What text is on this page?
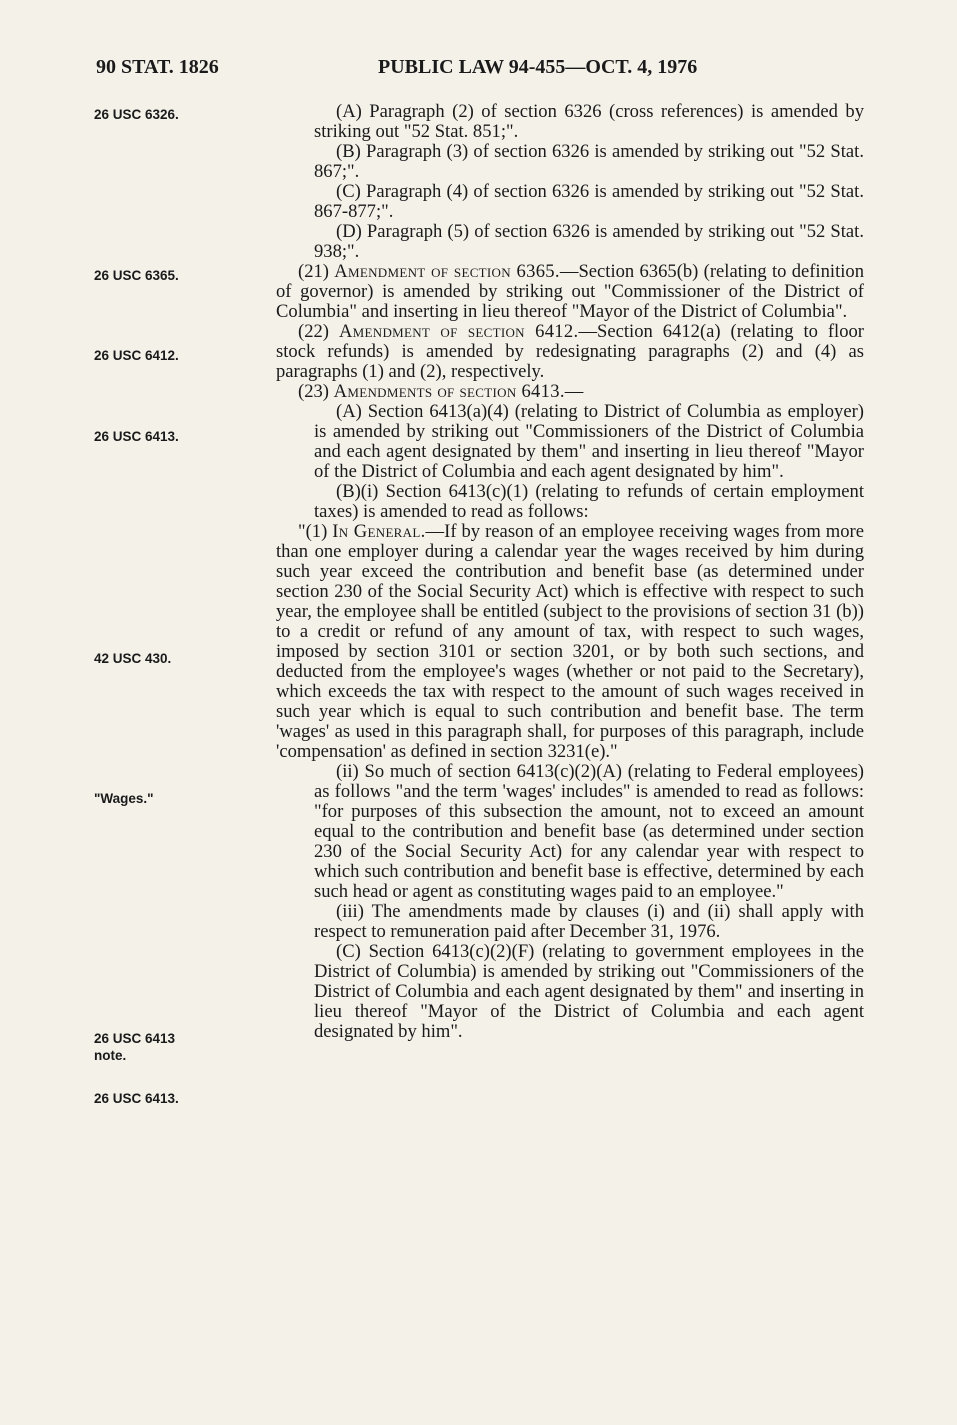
90 STAT. 1826	PUBLIC LAW 94-455—OCT. 4, 1976
26 USC 6326.
26 USC 6365.
26 USC 6412.
26 USC 6413.
42 USC 430.
"Wages."
26 USC 6413
note.
26 USC 6413.

(A) Paragraph (2) of section 6326 (cross references) is amended by striking out "52 Stat. 851;".

(B) Paragraph (3) of section 6326 is amended by striking out "52 Stat. 867;".

(C) Paragraph (4) of section 6326 is amended by striking out "52 Stat. 867-877;".

(D) Paragraph (5) of section 6326 is amended by striking out "52 Stat. 938;".

(21) Amendment of section 6365.—Section 6365(b) (relating to definition of governor) is amended by striking out "Commissioner of the District of Columbia" and inserting in lieu thereof "Mayor of the District of Columbia".

(22) Amendment of section 6412.—Section 6412(a) (relating to floor stock refunds) is amended by redesignating paragraphs (2) and (4) as paragraphs (1) and (2), respectively.

(23) Amendments of section 6413.—

(A) Section 6413(a)(4) (relating to District of Columbia as employer) is amended by striking out "Commissioners of the District of Columbia and each agent designated by them" and inserting in lieu thereof "Mayor of the District of Columbia and each agent designated by him".

(B)(i) Section 6413(c)(1) (relating to refunds of certain employment taxes) is amended to read as follows:

"(1) In General.—If by reason of an employee receiving wages from more than one employer during a calendar year the wages received by him during such year exceed the contribution and benefit base (as determined under section 230 of the Social Security Act) which is effective with respect to such year, the employee shall be entitled (subject to the provisions of section 31 (b)) to a credit or refund of any amount of tax, with respect to such wages, imposed by section 3101 or section 3201, or by both such sections, and deducted from the employee's wages (whether or not paid to the Secretary), which exceeds the tax with respect to the amount of such wages received in such year which is equal to such contribution and benefit base. The term 'wages' as used in this paragraph shall, for purposes of this paragraph, include 'compensation' as defined in section 3231(e)."

(ii) So much of section 6413(c)(2)(A) (relating to Federal employees) as follows "and the term 'wages' includes" is amended to read as follows: "for purposes of this subsection the amount, not to exceed an amount equal to the contribution and benefit base (as determined under section 230 of the Social Security Act) for any calendar year with respect to which such contribution and benefit base is effective, determined by each such head or agent as constituting wages paid to an employee."

(iii) The amendments made by clauses (i) and (ii) shall apply with respect to remuneration paid after December 31, 1976.

(C) Section 6413(c)(2)(F) (relating to government employees in the District of Columbia) is amended by striking out "Commissioners of the District of Columbia and each agent designated by them" and inserting in lieu thereof "Mayor of the District of Columbia and each agent designated by him".
